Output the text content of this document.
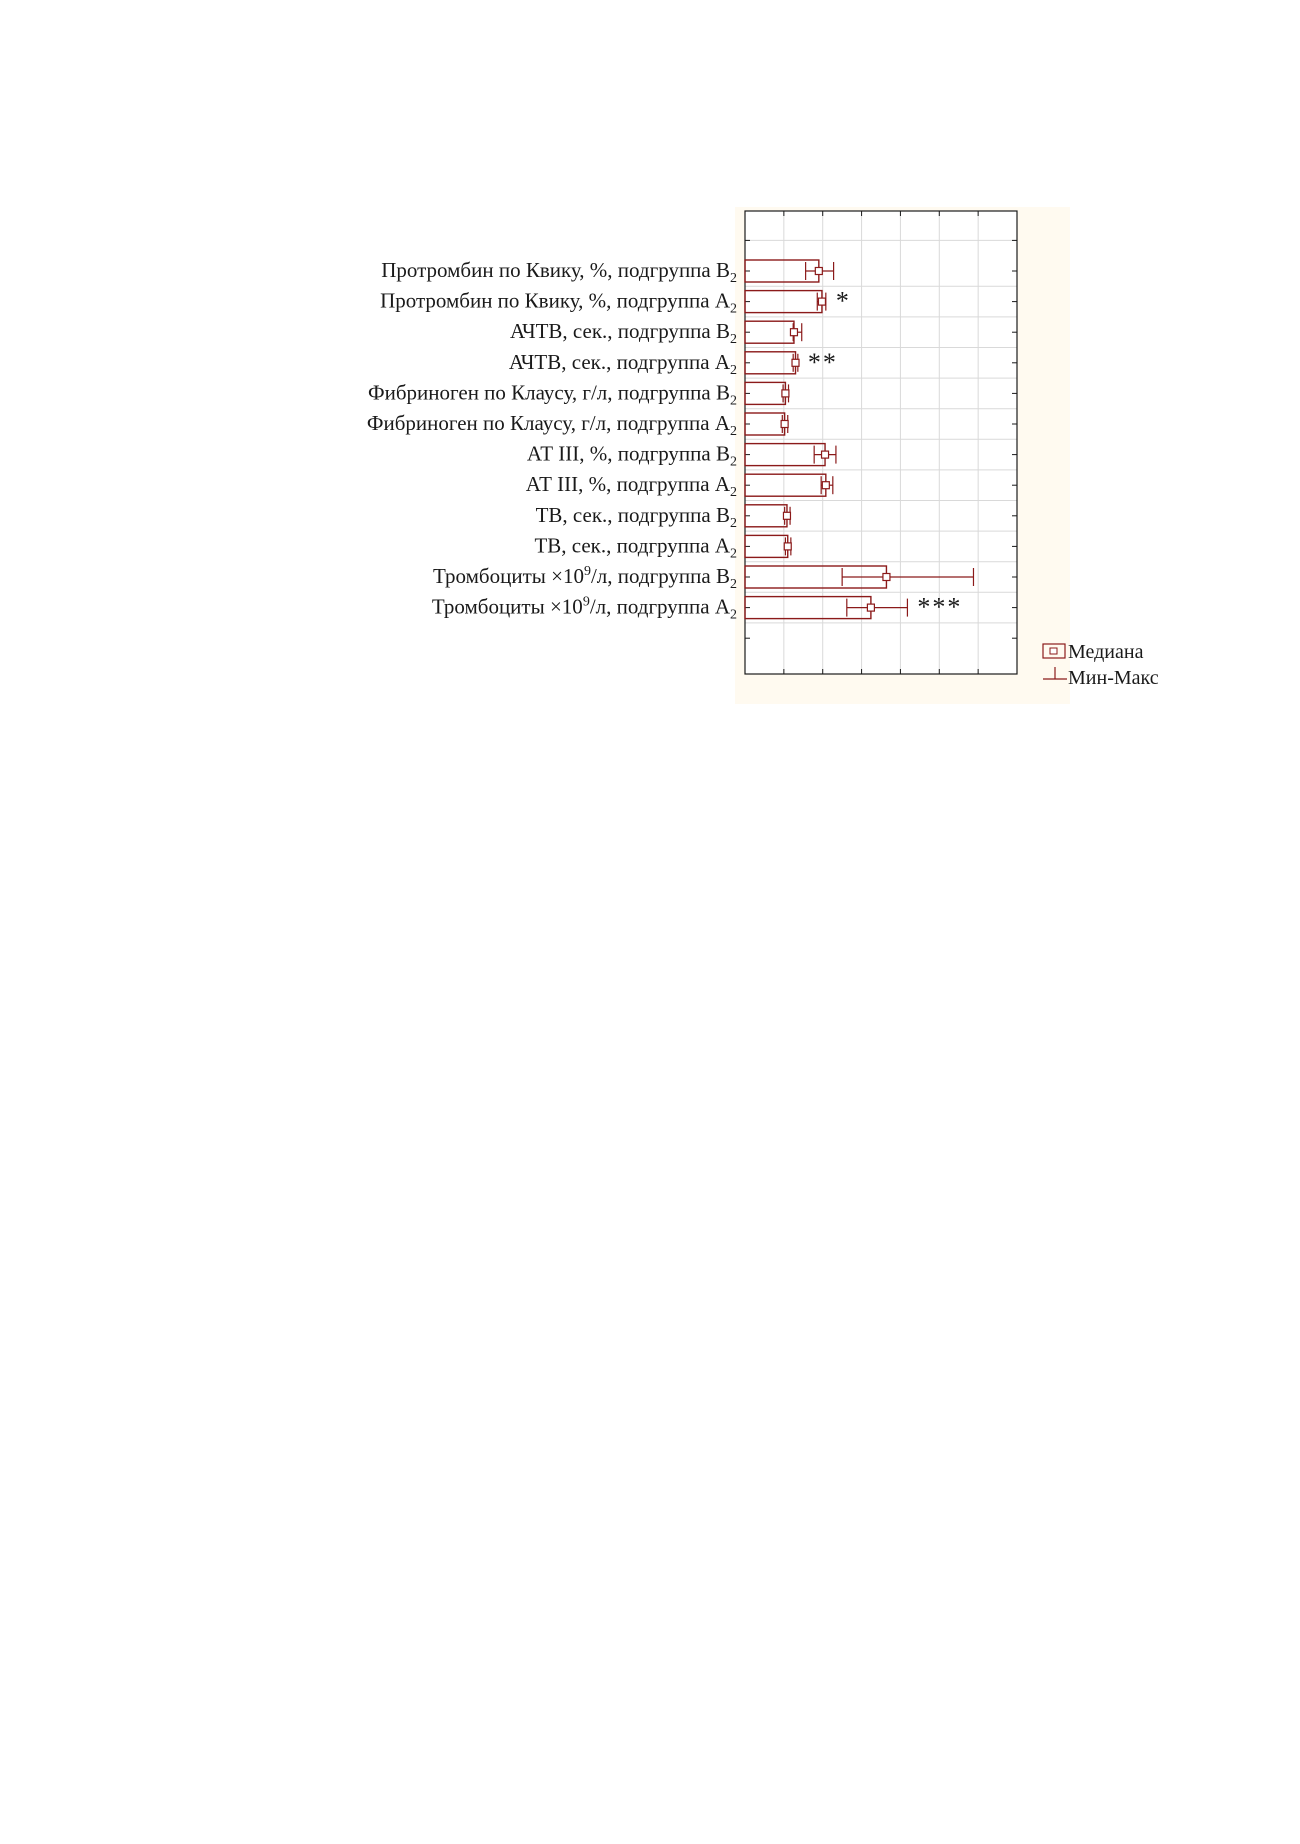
Протромбин по Квику, %, подгруппа $В_2$
Протромбин по Квику, %, подгруппа $А_2$
АЧТВ, сек., подгруппа $В_2$
АЧТВ, сек., подгруппа $А_2$
Фибриноген по Клаусу, г/л, подгруппа $В_2$
Фибриноген по Клаусу, г/л, подгруппа $А_2$
АТ III, %, подгруппа $В_2$
АТ III, %, подгруппа $А_2$
ТВ, сек., подгруппа $В_2$
ТВ, сек., подгруппа $А_2$
Тромбоциты $\times 10^9/л$, подгруппа $В_2$
Тромбоциты $\times 10^9/л$, подгруппа $А_2$
*
**
***
Медиана
Мин-Макс
